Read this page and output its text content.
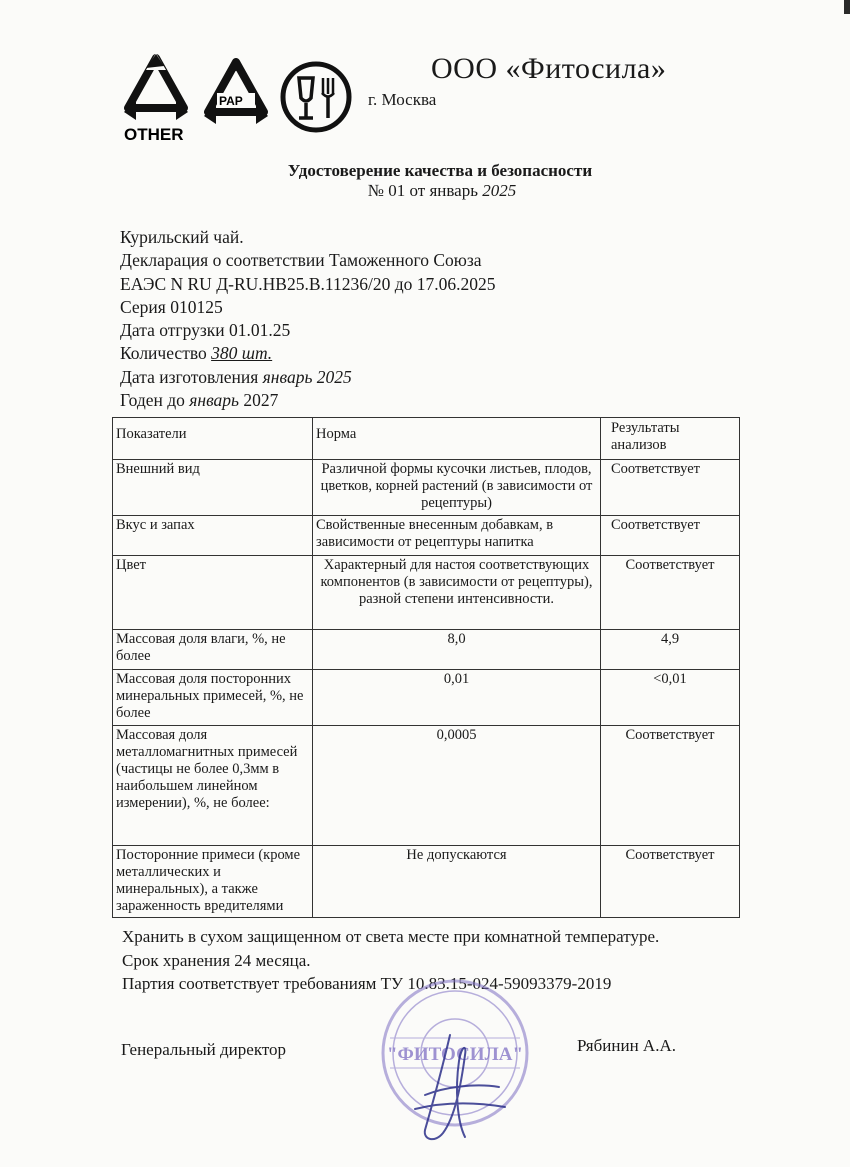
OTHER
PAP
ООО «Фитосила»
г. Москва
Удостоверение качества и безопасности
№ 01 от январь 2025
Курильский чай.
Декларация о соответствии Таможенного Союза
ЕАЭС N RU Д-RU.НВ25.В.11236/20 до 17.06.2025
Серия 010125
Дата отгрузки 01.01.25
Количество 380 шт.
Дата изготовления январь 2025
Годен до январь 2027
Показатели	Норма	Результаты анализов
Внешний вид	Различной формы кусочки листьев, плодов, цветков, корней растений (в зависимости от рецептуры)	Соответствует
Вкус и запах	Свойственные внесенным добавкам, в зависимости от рецептуры напитка	Соответствует
Цвет	Характерный для настоя соответствующих компонентов (в зависимости от рецептуры), разной степени интенсивности.	Соответствует
Массовая доля влаги, %, не более	8,0	4,9
Массовая доля посторонних минеральных примесей, %, не более	0,01	<0,01
Массовая доля металломагнитных примесей (частицы не более 0,3мм в наибольшем линейном измерении), %, не более:	0,0005	Соответствует
Посторонние примеси (кроме металлических и минеральных), а также зараженность вредителями	Не допускаются	Соответствует
Хранить в сухом защищенном от света месте при комнатной температуре.
Срок хранения 24 месяца.
Партия соответствует требованиям ТУ 10.83.15-024-59093379-2019
"ФИТОСИЛА"
Генеральный директор	Рябинин А.А.
